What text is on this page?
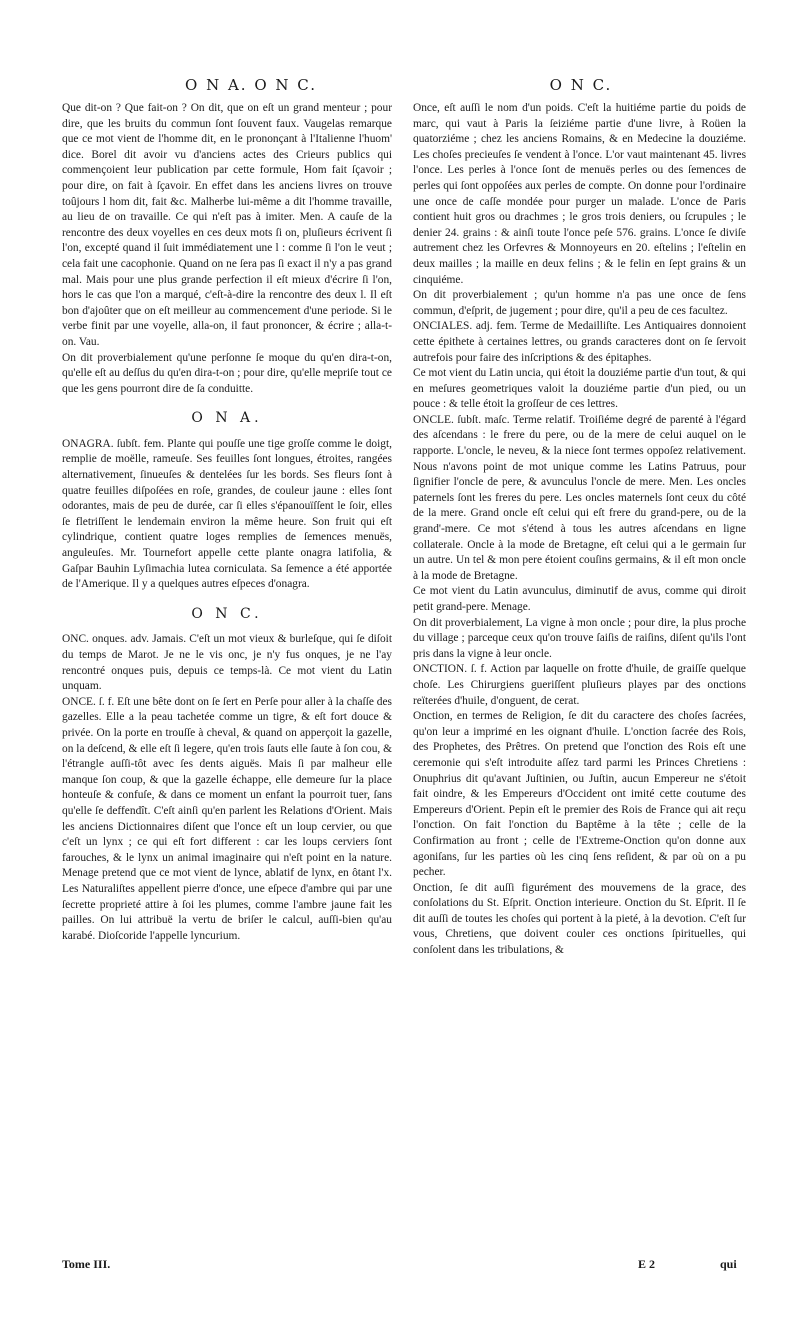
O N A. O N C.	O N C.

Que dit-on ? Que fait-on ? On dit, que on eſt un grand menteur ; pour dire, que les bruits du commun ſont ſouvent faux. Vaugelas remarque que ce mot vient de l'homme dit, en le prononçant à l'Italienne l'huom' dice. Borel dit avoir vu d'anciens actes des Crieurs publics qui commençoient leur publication par cette formule, Hom fait ſçavoir ; pour dire, on fait à ſçavoir. En effet dans les anciens livres on trouve toûjours l hom dit, fait &c. Malherbe lui-même a dit l'homme travaille, au lieu de on travaille. Ce qui n'eſt pas à imiter. Men. A cauſe de la rencontre des deux voyelles en ces deux mots ſi on, pluſieurs écrivent ſi l'on, excepté quand il ſuit immédiatement une l : comme ſi l'on le veut ; cela fait une cacophonie. Quand on ne ſera pas ſi exact il n'y a pas grand mal. Mais pour une plus grande perfection il eſt mieux d'écrire ſi l'on, hors le cas que l'on a marqué, c'eſt-à-dire la rencontre des deux l. Il eſt bon d'ajoûter que on eſt meilleur au commencement d'une periode. Si le verbe finit par une voyelle, alla-on, il faut prononcer, & écrire ; alla-t-on. Vau.

On dit proverbialement qu'une perſonne ſe moque du qu'en dira-t-on, qu'elle eſt au deſſus du qu'en dira-t-on ; pour dire, qu'elle mepriſe tout ce que les gens pourront dire de ſa conduitte.

O N A.

ONAGRA. ſubſt. fem. Plante qui pouſſe une tige groſſe comme le doigt, remplie de moëlle, rameuſe. Ses feuilles ſont longues, étroites, rangées alternativement, ſinueuſes & dentelées ſur les bords. Ses fleurs ſont à quatre feuilles diſpoſées en roſe, grandes, de couleur jaune : elles ſont odorantes, mais de peu de durée, car ſi elles s'épanouïſſent le ſoir, elles ſe fletriſſent le lendemain environ la même heure. Son fruit qui eſt cylindrique, contient quatre loges remplies de ſemences menuës, anguleuſes. Mr. Tournefort appelle cette plante onagra latifolia, & Gaſpar Bauhin Lyſimachia lutea corniculata. Sa ſemence a été apportée de l'Amerique. Il y a quelques autres eſpeces d'onagra.

O N C.

ONC. onques. adv. Jamais. C'eſt un mot vieux & burleſque, qui ſe diſoit du temps de Marot. Je ne le vis onc, je n'y fus onques, je ne l'ay rencontré onques puis, depuis ce temps-là. Ce mot vient du Latin unquam.

ONCE. ſ. f. Eſt une bête dont on ſe ſert en Perſe pour aller à la chaſſe des gazelles. Elle a la peau tachetée comme un tigre, & eſt fort douce & privée. On la porte en trouſſe à cheval, & quand on apperçoit la gazelle, on la deſcend, & elle eſt ſi legere, qu'en trois ſauts elle ſaute à ſon cou, & l'étrangle auſſi-tôt avec ſes dents aiguës. Mais ſi par malheur elle manque ſon coup, & que la gazelle échappe, elle demeure ſur la place honteuſe & confuſe, & dans ce moment un enfant la pourroit tuer, ſans qu'elle ſe deffendît. C'eſt ainſi qu'en parlent les Relations d'Orient. Mais les anciens Dictionnaires diſent que l'once eſt un loup cervier, ou que c'eſt un lynx ; ce qui eſt fort different : car les loups cerviers ſont farouches, & le lynx un animal imaginaire qui n'eſt point en la nature. Menage pretend que ce mot vient de lynce, ablatif de lynx, en ôtant l'x. Les Naturaliſtes appellent pierre d'once, une eſpece d'ambre qui par une ſecrette proprieté attire à ſoi les plumes, comme l'ambre jaune fait les pailles. On lui attribuë la vertu de briſer le calcul, auſſi-bien qu'au karabé. Dioſcoride l'appelle lyncurium.

Once, eſt auſſi le nom d'un poids. C'eſt la huitiéme partie du poids de marc, qui vaut à Paris la ſeiziéme partie d'une livre, à Roüen la quatorziéme ; chez les anciens Romains, & en Medecine la douziéme. Les choſes precieuſes ſe vendent à l'once. L'or vaut maintenant 45. livres l'once. Les perles à l'once ſont de menuës perles ou des ſemences de perles qui ſont oppoſées aux perles de compte. On donne pour l'ordinaire une once de caſſe mondée pour purger un malade. L'once de Paris contient huit gros ou drachmes ; le gros trois deniers, ou ſcrupules ; le denier 24. grains : & ainſi toute l'once peſe 576. grains. L'once ſe diviſe autrement chez les Orfevres & Monnoyeurs en 20. eſtelins ; l'eſtelin en deux mailles ; la maille en deux felins ; & le felin en ſept grains & un cinquiéme.

On dit proverbialement ; qu'un homme n'a pas une once de ſens commun, d'eſprit, de jugement ; pour dire, qu'il a peu de ces facultez.

ONCIALES. adj. fem. Terme de Medailliſte. Les Antiquaires donnoient cette épithete à certaines lettres, ou grands caracteres dont on ſe ſervoit autrefois pour faire des inſcriptions & des épitaphes.

Ce mot vient du Latin uncia, qui étoit la douziéme partie d'un tout, & qui en meſures geometriques valoit la douziéme partie d'un pied, ou un pouce : & telle étoit la groſſeur de ces lettres.

ONCLE. ſubſt. maſc. Terme relatif. Troiſiéme degré de parenté à l'égard des aſcendans : le frere du pere, ou de la mere de celui auquel on le rapporte. L'oncle, le neveu, & la niece ſont termes oppoſez relativement. Nous n'avons point de mot unique comme les Latins Patruus, pour ſignifier l'oncle de pere, & avunculus l'oncle de mere. Men. Les oncles paternels ſont les freres du pere. Les oncles maternels ſont ceux du côté de la mere. Grand oncle eſt celui qui eſt frere du grand-pere, ou de la grand'-mere. Ce mot s'étend à tous les autres aſcendans en ligne collaterale. Oncle à la mode de Bretagne, eſt celui qui a le germain ſur un autre. Un tel & mon pere étoient couſins germains, & il eſt mon oncle à la mode de Bretagne.

Ce mot vient du Latin avunculus, diminutif de avus, comme qui diroit petit grand-pere. Menage.

On dit proverbialement, La vigne à mon oncle ; pour dire, la plus proche du village ; parceque ceux qu'on trouve ſaiſis de raiſins, diſent qu'ils l'ont pris dans la vigne à leur oncle.

ONCTION. ſ. f. Action par laquelle on frotte d'huile, de graiſſe quelque choſe. Les Chirurgiens gueriſſent pluſieurs playes par des onctions reïterées d'huile, d'onguent, de cerat.

Onction, en termes de Religion, ſe dit du caractere des choſes ſacrées, qu'on leur a imprimé en les oignant d'huile. L'onction ſacrée des Rois, des Prophetes, des Prêtres. On pretend que l'onction des Rois eſt une ceremonie qui s'eſt introduite aſſez tard parmi les Princes Chretiens : Onuphrius dit qu'avant Juſtinien, ou Juſtin, aucun Empereur ne s'étoit fait oindre, & les Empereurs d'Occident ont imité cette coutume des Empereurs d'Orient. Pepin eſt le premier des Rois de France qui ait reçu l'onction. On fait l'onction du Baptême à la tête ; celle de la Confirmation au front ; celle de l'Extreme-Onction qu'on donne aux agoniſans, ſur les parties où les cinq ſens reſident, & par où on a pu pecher.

Onction, ſe dit auſſi figurément des mouvemens de la grace, des conſolations du St. Eſprit. Onction interieure. Onction du St. Eſprit. Il ſe dit auſſi de toutes les choſes qui portent à la pieté, à la devotion. C'eſt ſur vous, Chretiens, que doivent couler ces onctions ſpirituelles, qui conſolent dans les tribulations, &

Tome III.	E 2	qui
